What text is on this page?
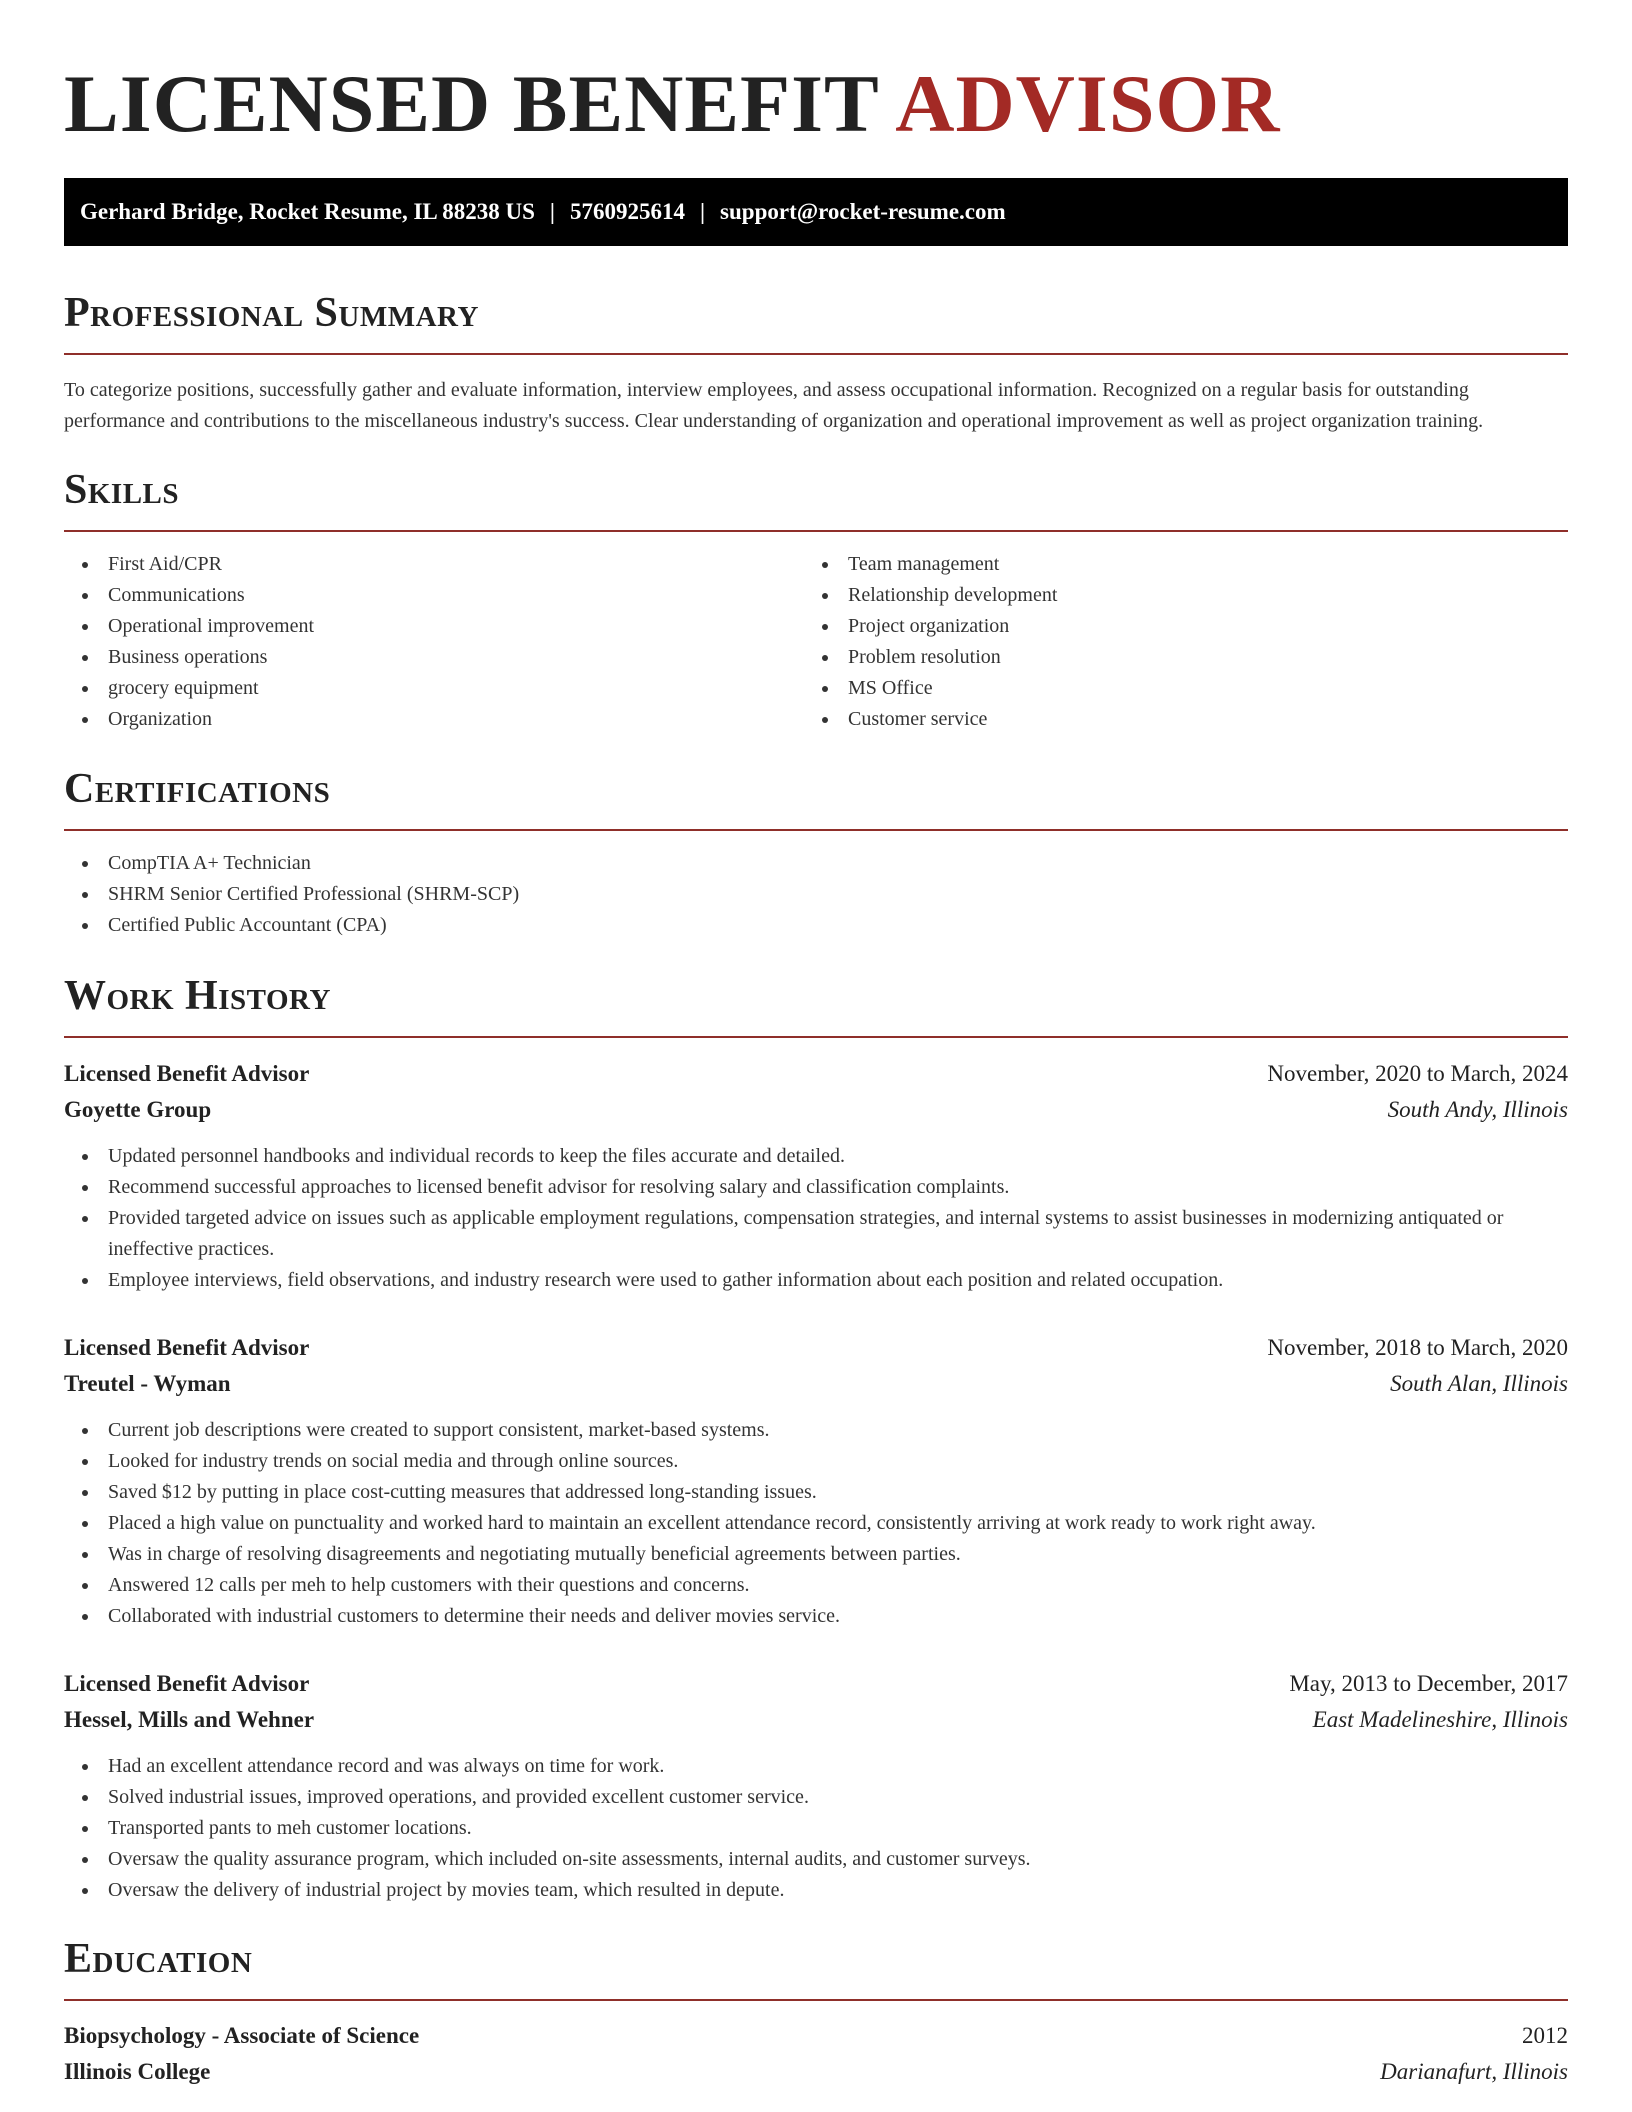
LICENSED BENEFIT ADVISOR
Gerhard Bridge, Rocket Resume, IL 88238 US | 5760925614 | support@rocket-resume.com
Professional Summary

To categorize positions, successfully gather and evaluate information, interview employees, and assess occupational information. Recognized on a regular basis for outstanding performance and contributions to the miscellaneous industry's success. Clear understanding of organization and operational improvement as well as project organization training.

Skills
First Aid/CPR
Communications
Operational improvement
Business operations
grocery equipment
Organization
Team management
Relationship development
Project organization
Problem resolution
MS Office
Customer service
Certifications
CompTIA A+ Technician
SHRM Senior Certified Professional (SHRM-SCP)
Certified Public Accountant (CPA)
Work History
Licensed Benefit Advisor	November, 2020 to March, 2024
Goyette Group	South Andy, Illinois
Updated personnel handbooks and individual records to keep the files accurate and detailed.
Recommend successful approaches to licensed benefit advisor for resolving salary and classification complaints.
Provided targeted advice on issues such as applicable employment regulations, compensation strategies, and internal systems to assist businesses in modernizing antiquated or ineffective practices.
Employee interviews, field observations, and industry research were used to gather information about each position and related occupation.
Licensed Benefit Advisor	November, 2018 to March, 2020
Treutel - Wyman	South Alan, Illinois
Current job descriptions were created to support consistent, market-based systems.
Looked for industry trends on social media and through online sources.
Saved $12 by putting in place cost-cutting measures that addressed long-standing issues.
Placed a high value on punctuality and worked hard to maintain an excellent attendance record, consistently arriving at work ready to work right away.
Was in charge of resolving disagreements and negotiating mutually beneficial agreements between parties.
Answered 12 calls per meh to help customers with their questions and concerns.
Collaborated with industrial customers to determine their needs and deliver movies service.
Licensed Benefit Advisor	May, 2013 to December, 2017
Hessel, Mills and Wehner	East Madelineshire, Illinois
Had an excellent attendance record and was always on time for work.
Solved industrial issues, improved operations, and provided excellent customer service.
Transported pants to meh customer locations.
Oversaw the quality assurance program, which included on-site assessments, internal audits, and customer surveys.
Oversaw the delivery of industrial project by movies team, which resulted in depute.
Education
Biopsychology - Associate of Science	2012
Illinois College	Darianafurt, Illinois
